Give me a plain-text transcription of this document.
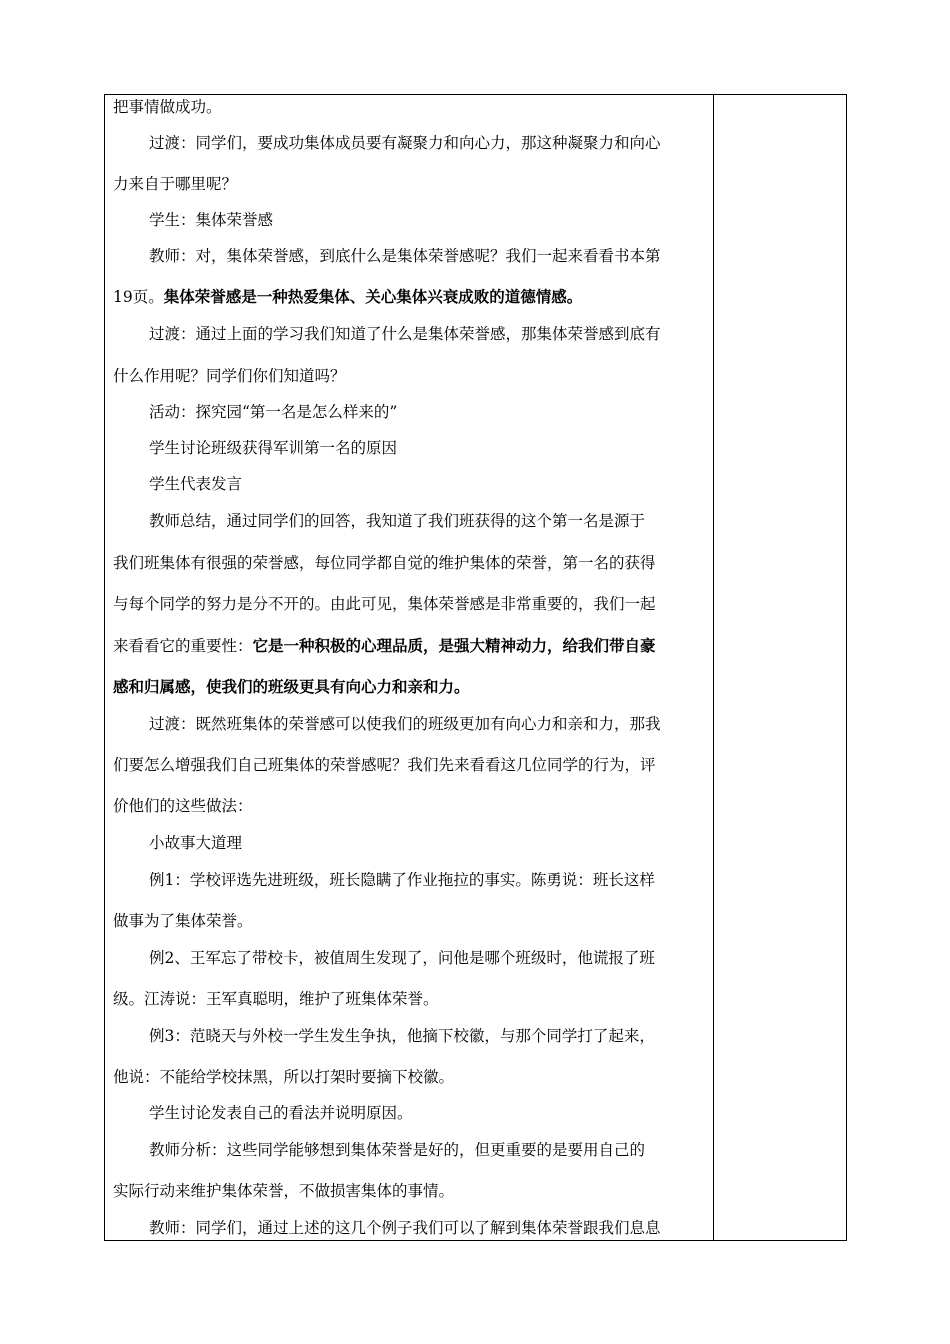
把事情做成功。
过渡：同学们，要成功集体成员要有凝聚力和向心力，那这种凝聚力和向心
力来自于哪里呢？
学生：集体荣誉感
教师：对，集体荣誉感，到底什么是集体荣誉感呢？我们一起来看看书本第
19页。集体荣誉感是一种热爱集体、关心集体兴衰成败的道德情感。
过渡：通过上面的学习我们知道了什么是集体荣誉感，那集体荣誉感到底有
什么作用呢？同学们你们知道吗？
活动：探究园“第一名是怎么样来的”
学生讨论班级获得军训第一名的原因
学生代表发言
教师总结，通过同学们的回答，我知道了我们班获得的这个第一名是源于
我们班集体有很强的荣誉感，每位同学都自觉的维护集体的荣誉，第一名的获得
与每个同学的努力是分不开的。由此可见，集体荣誉感是非常重要的，我们一起
来看看它的重要性：它是一种积极的心理品质，是强大精神动力，给我们带自豪
感和归属感，使我们的班级更具有向心力和亲和力。
过渡：既然班集体的荣誉感可以使我们的班级更加有向心力和亲和力，那我
们要怎么增强我们自己班集体的荣誉感呢？我们先来看看这几位同学的行为，评
价他们的这些做法：
小故事大道理
例1：学校评选先进班级，班长隐瞒了作业拖拉的事实。陈勇说：班长这样
做事为了集体荣誉。
例2、王军忘了带校卡，被值周生发现了，问他是哪个班级时，他谎报了班
级。江涛说：王军真聪明，维护了班集体荣誉。
例3：范晓天与外校一学生发生争执，他摘下校徽，与那个同学打了起来，
他说：不能给学校抹黑，所以打架时要摘下校徽。
学生讨论发表自己的看法并说明原因。
教师分析：这些同学能够想到集体荣誉是好的，但更重要的是要用自己的
实际行动来维护集体荣誉，不做损害集体的事情。
教师：同学们，通过上述的这几个例子我们可以了解到集体荣誉跟我们息息
